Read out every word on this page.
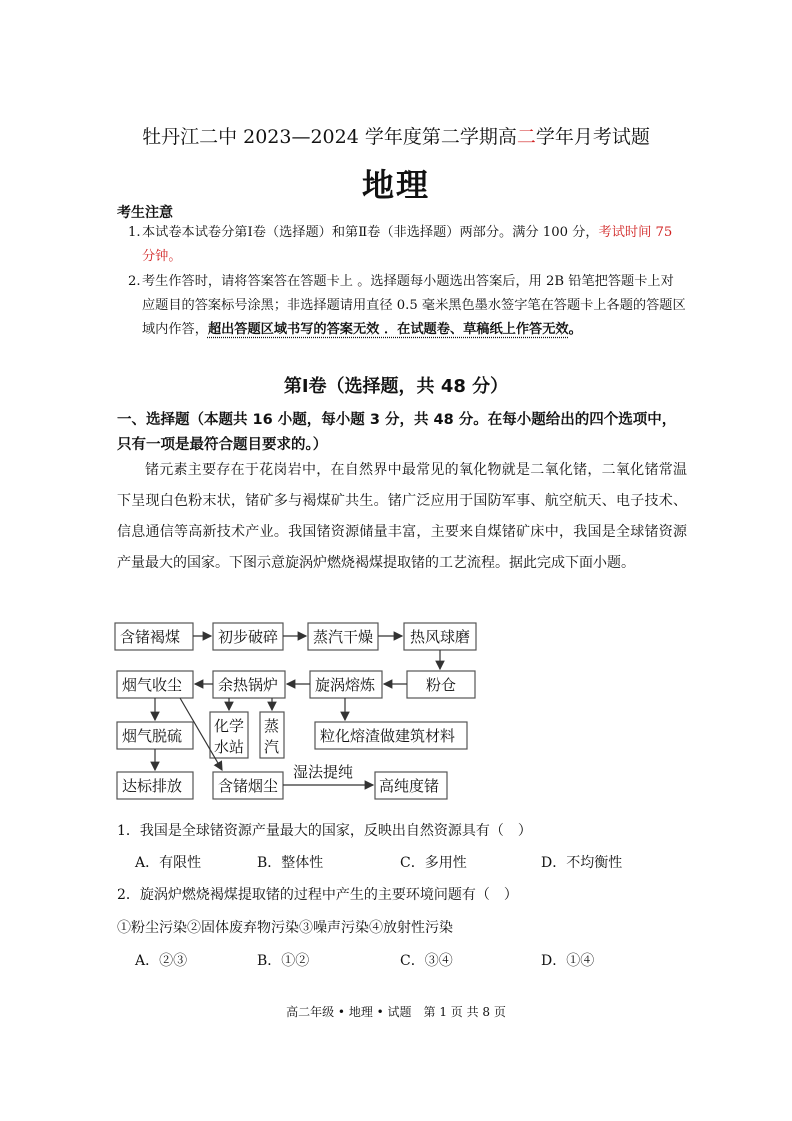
牡丹江二中 2023—2024 学年度第二学期高二学年月考试题
地理
考生注意
1. 本试卷本试卷分第Ⅰ卷（选择题）和第Ⅱ卷（非选择题）两部分。满分 100 分，考试时间 75 分钟。
2. 考生作答时，请将答案答在答题卡上 。选择题每小题选出答案后，用 2B 铅笔把答题卡上对 应题目的答案标号涂黑；非选择题请用直径 0.5 毫米黑色墨水签字笔在答题卡上各题的答题区域内作答，超出答题区域书写的答案无效 ．在试题卷、草稿纸上作答无效。
第Ⅰ卷（选择题，共 48 分）
一、选择题（本题共 16 小题，每小题 3 分，共 48 分。在每小题给出的四个选项中，只有一项是最符合题目要求的。）
锗元素主要存在于花岗岩中，在自然界中最常见的氧化物就是二氧化锗，二氧化锗常温下呈现白色粉末状，锗矿多与褐煤矿共生。锗广泛应用于国防军事、航空航天、电子技术、信息通信等高新技术产业。我国锗资源储量丰富，主要来自煤锗矿床中，我国是全球锗资源产量最大的国家。下图示意旋涡炉燃烧褐煤提取锗的工艺流程。据此完成下面小题。
含锗褐煤	初步破碎 蒸汽干燥 热风球磨
粉仓
旋涡熔炼
余热锅炉
烟气收尘
烟气脱硫
达标排放
化学
水站
蒸
汽
粒化熔渣做建筑材料
含锗烟尘
湿法提纯
高纯度锗
1．我国是全球锗资源产量最大的国家，反映出自然资源具有（　）
A．有限性	B．整体性	C．多用性	D．不均衡性
2．旋涡炉燃烧褐煤提取锗的过程中产生的主要环境问题有（　）
①粉尘污染②固体废弃物污染③噪声污染④放射性污染
A．②③	B．①②	C．③④	D．①④
高二年级 • 地理 • 试题　第 1 页 共 8 页
